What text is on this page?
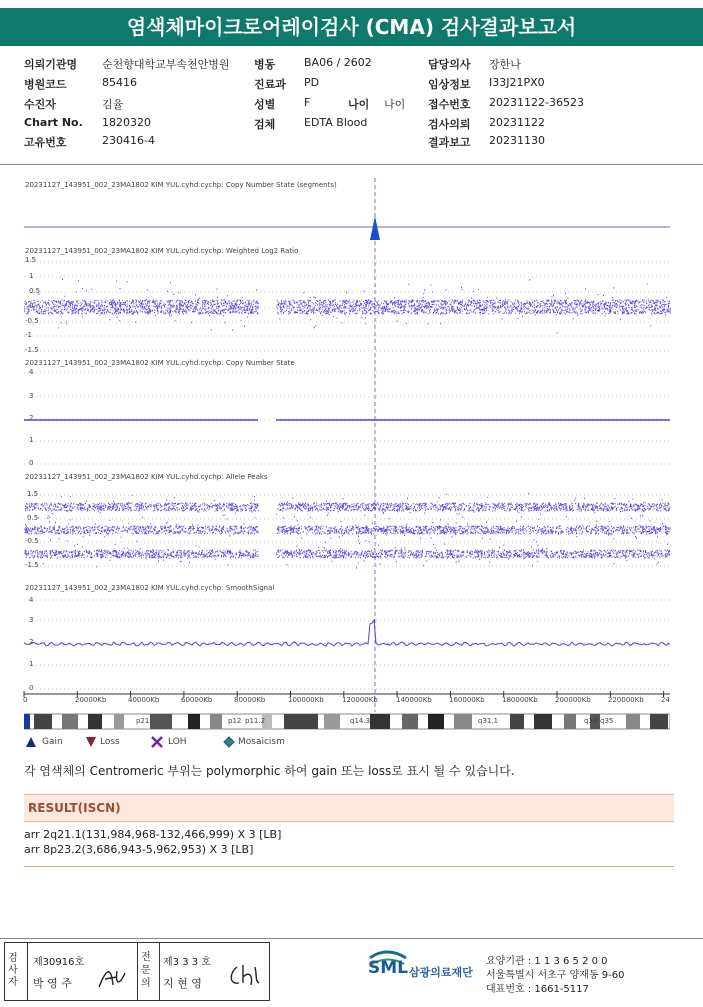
염색체마이크로어레이검사 (CMA) 검사결과보고서
의뢰기관명 순천향대학교부속천안병원
병원코드	85416
수진자	김율
Chart No. 1820320
고유번호	230416-4
병동	BA06 / 2602
진료과 PD
성별	F	나이 나이
검체	EDTA Blood
담당의사 장한나
임상정보 I33J21PX0
접수번호 20231122-36523
검사의뢰 20231122
결과보고 20231130
20231127_143951_002_23MA1802 KIM YUL.cyhd.cychp: Copy Number State (segments)
20231127_143951_002_23MA1802 KIM YUL.cyhd.cychp: Weighted Log2 Ratio
20231127_143951_002_23MA1802 KIM YUL.cyhd.cychp: Copy Number State
20231127_143951_002_23MA1802 KIM YUL.cyhd.cychp: Allele Peaks
20231127_143951_002_23MA1802 KIM YUL.cyhd.cychp: SmoothSignal
1.5
1
0.5
0
-0.5
-1
-1.5
4
3
2
1
0
1.5
0.5
-0.5
-1.5
4
3
2
1
0
0	20000Kb	40000Kb	60000Kb	80000Kb	100000Kb	120000Kb	140000Kb 160000Kb 180000Kb 200000Kb 220000Kb 24
p21	p12 p11.2	q14.3	q31.1	q34 q35
Gain	Loss	LOH	Mosaicism
각 염색체의 Centromeric 부위는 polymorphic 하여 gain 또는 loss로 표시 될 수 있습니다.
RESULT(ISCN)
arr 2q21.1(131,984,968-132,466,999) X 3 [LB]
arr 8p23.2(3,686,943-5,962,953) X 3 [LB]
검사자
제30916호
박 영 주
전문의
제3 3 3 호
지 현 영
SML 삼광의료재단
요양기관 : 1 1 3 6 5 2 0 0
서울특별시 서초구 양재동 9-60
대표번호 : 1661-5117
